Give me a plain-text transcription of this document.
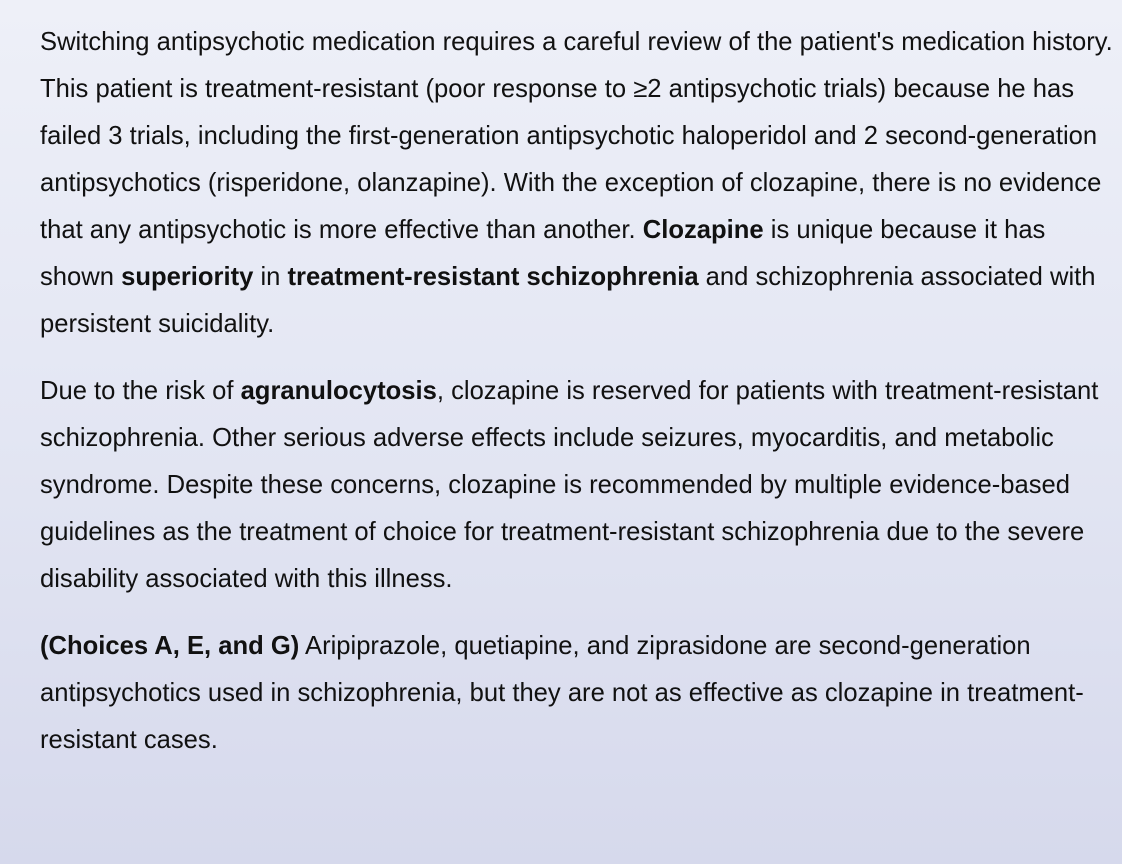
Switching antipsychotic medication requires a careful review of the patient's medication history. This patient is treatment-resistant (poor response to ≥2 antipsychotic trials) because he has failed 3 trials, including the first-generation antipsychotic haloperidol and 2 second-generation antipsychotics (risperidone, olanzapine). With the exception of clozapine, there is no evidence that any antipsychotic is more effective than another. Clozapine is unique because it has shown superiority in treatment-resistant schizophrenia and schizophrenia associated with persistent suicidality.

Due to the risk of agranulocytosis, clozapine is reserved for patients with treatment-resistant schizophrenia. Other serious adverse effects include seizures, myocarditis, and metabolic syndrome. Despite these concerns, clozapine is recommended by multiple evidence-based guidelines as the treatment of choice for treatment-resistant schizophrenia due to the severe disability associated with this illness.

(Choices A, E, and G) Aripiprazole, quetiapine, and ziprasidone are second-generation antipsychotics used in schizophrenia, but they are not as effective as clozapine in treatment-resistant cases.
